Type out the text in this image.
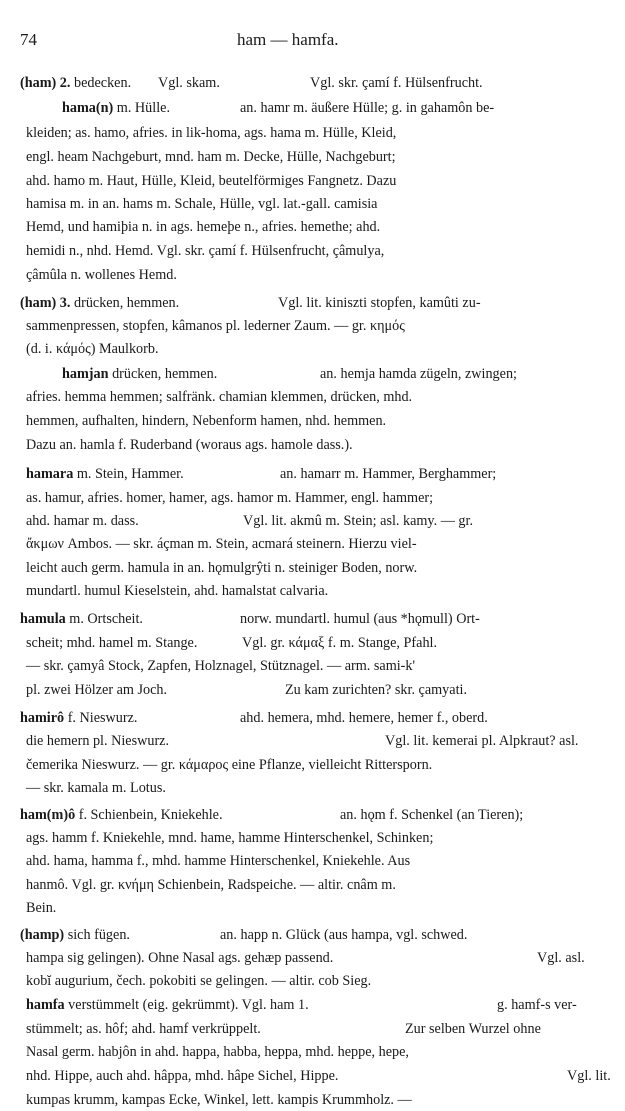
74	ham — hamfa.
(ham) 2. bedecken. Vgl. skam.	Vgl. skr. çamí f. Hülsenfrucht.
hama(n) m. Hülle.	an. hamr m. äußere Hülle; g. in gahamôn be-
kleiden; as. hamo, afries. in lik-homa, ags. hama m. Hülle, Kleid,
engl. heam Nachgeburt, mnd. ham m. Decke, Hülle, Nachgeburt;
ahd. hamo m. Haut, Hülle, Kleid, beutelförmiges Fangnetz. Dazu
hamisa m. in an. hams m. Schale, Hülle, vgl. lat.-gall. camisia
Hemd, und hamiþia n. in ags. hemeþe n., afries. hemethe; ahd.
hemidi n., nhd. Hemd. Vgl. skr. çamí f. Hülsenfrucht, çâmulya,
çâmûla n. wollenes Hemd.
(ham) 3. drücken, hemmen.	Vgl. lit. kiniszti stopfen, kamûti zu-
sammenpressen, stopfen, kâmanos pl. lederner Zaum. — gr. κημός
(d. i. κάμός) Maulkorb.
hamjan drücken, hemmen.	an. hemja hamda zügeln, zwingen;
afries. hemma hemmen; salfränk. chamian klemmen, drücken, mhd.
hemmen, aufhalten, hindern, Nebenform hamen, nhd. hemmen.
Dazu an. hamla f. Ruderband (woraus ags. hamole dass.).
hamara m. Stein, Hammer.	an. hamarr m. Hammer, Berghammer;
as. hamur, afries. homer, hamer, ags. hamor m. Hammer, engl. hammer;
ahd. hamar m. dass.	Vgl. lit. akmû m. Stein; asl. kamy. — gr.
ἄκμων Ambos. — skr. áçman m. Stein, acmará steinern. Hierzu viel-
leicht auch germ. hamula in an. hǫmulgrŷti n. steiniger Boden, norw.
mundartl. humul Kieselstein, ahd. hamalstat calvaria.
hamula m. Ortscheit.	norw. mundartl. humul (aus *hǫmull) Ort-
scheit; mhd. hamel m. Stange.	Vgl. gr. κάμαξ f. m. Stange, Pfahl.
— skr. çamyâ Stock, Zapfen, Holznagel, Stütznagel. — arm. sami-k'
pl. zwei Hölzer am Joch.	Zu kam zurichten? skr. çamyati.
hamirô f. Nieswurz.	ahd. hemera, mhd. hemere, hemer f., oberd.
die hemern pl. Nieswurz.	Vgl. lit. kemerai pl. Alpkraut? asl.
čemerika Nieswurz. — gr. κάμαρος eine Pflanze, vielleicht Rittersporn.
— skr. kamala m. Lotus.
ham(m)ô f. Schienbein, Kniekehle.	an. hǫm f. Schenkel (an Tieren);
ags. hamm f. Kniekehle, mnd. hame, hamme Hinterschenkel, Schinken;
ahd. hama, hamma f., mhd. hamme Hinterschenkel, Kniekehle. Aus
hanmô. Vgl. gr. κνήμη Schienbein, Radspeiche. — altir. cnâm m.
Bein.
(hamp) sich fügen.	an. happ n. Glück (aus hampa, vgl. schwed.
hampa sig gelingen). Ohne Nasal ags. gehæp passend.	Vgl. asl.
kobĭ augurium, čech. pokobiti se gelingen. — altir. cob Sieg.
hamfa verstümmelt (eig. gekrümmt). Vgl. ham 1.	g. hamf-s ver-
stümmelt; as. hôf; ahd. hamf verkrüppelt.	Zur selben Wurzel ohne
Nasal germ. habjôn in ahd. happa, habba, heppa, mhd. heppe, hepe,
nhd. Hippe, auch ahd. hâppa, mhd. hâpe Sichel, Hippe.	Vgl. lit.
kumpas krumm, kampas Ecke, Winkel, lett. kampis Krummholz. —
